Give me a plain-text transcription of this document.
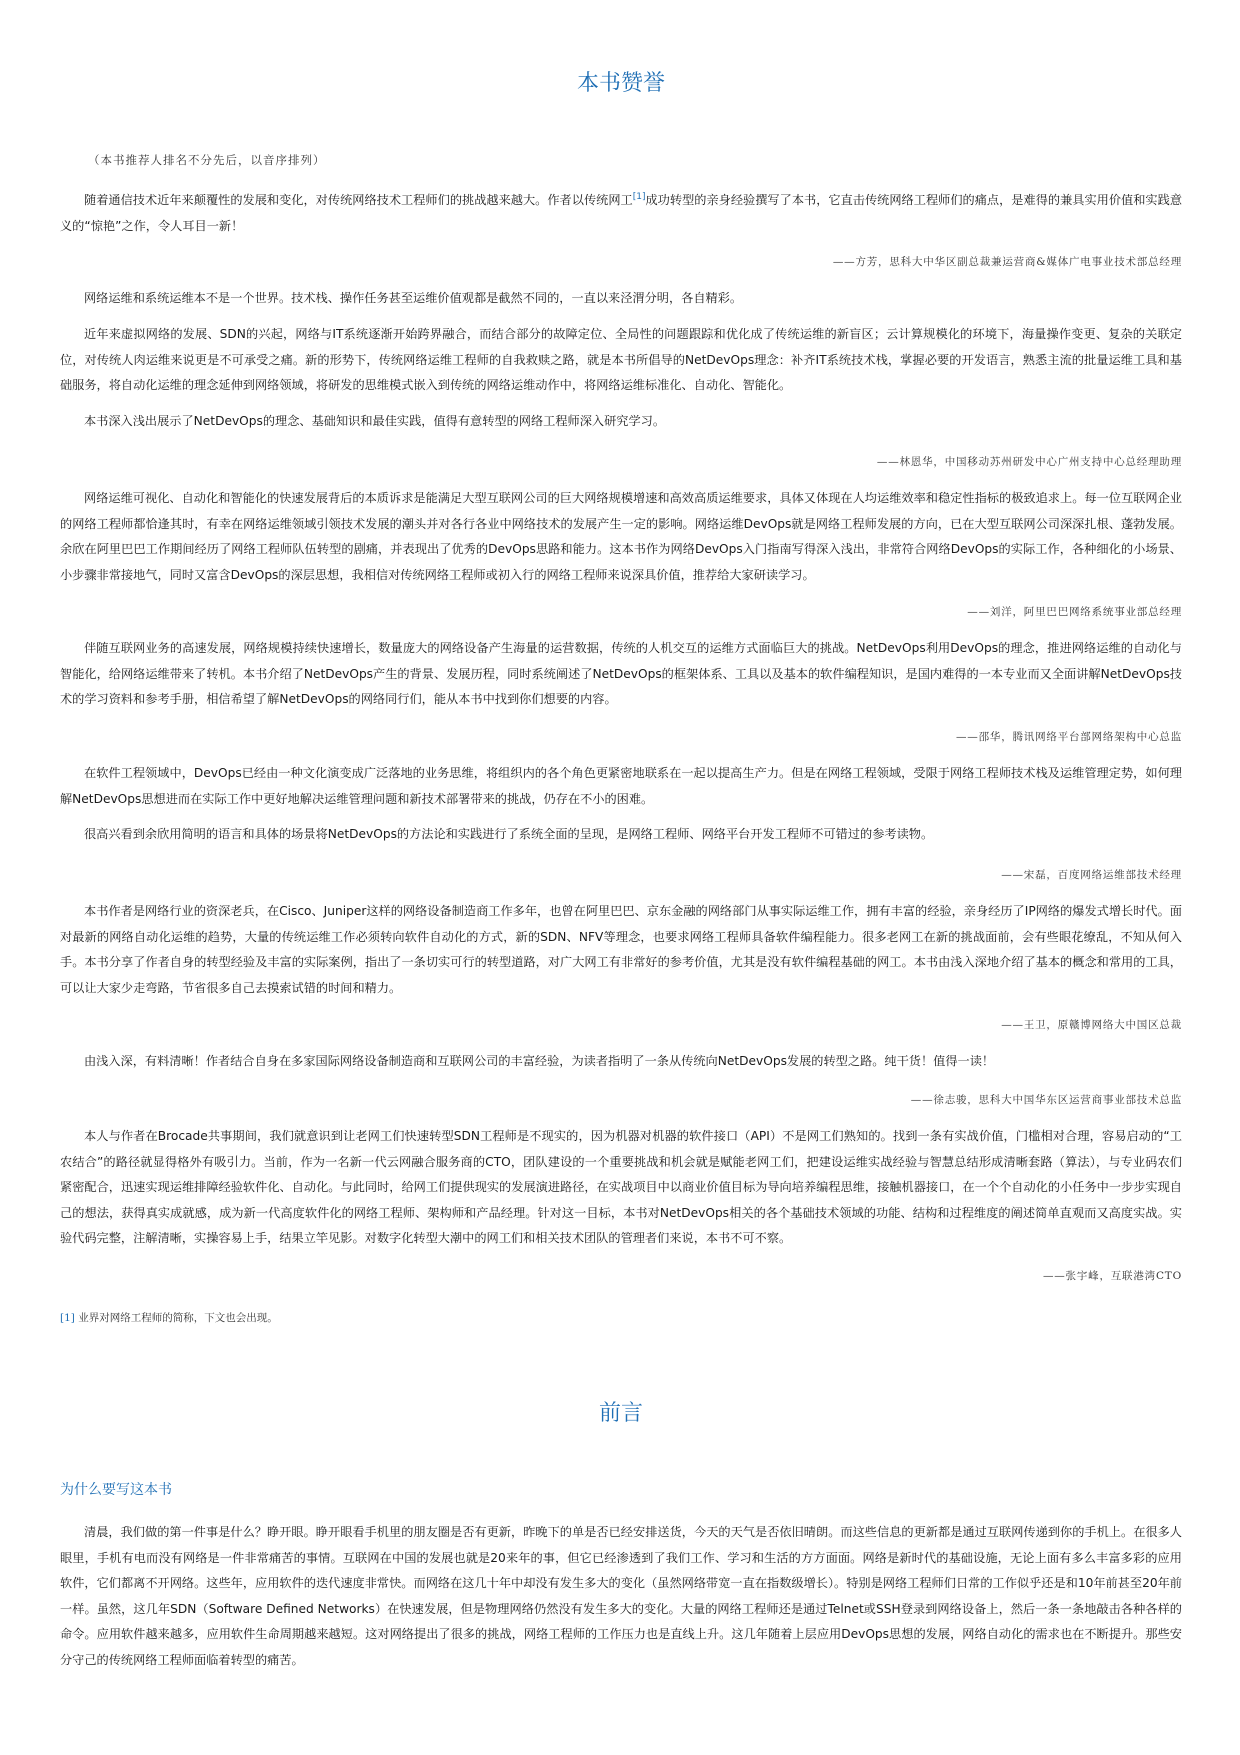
本书赞誉
（本书推荐人排名不分先后，以音序排列）

随着通信技术近年来颠覆性的发展和变化，对传统网络技术工程师们的挑战越来越大。作者以传统网工[1]成功转型的亲身经验撰写了本书，它直击传统网络工程师们的痛点，是难得的兼具实用价值和实践意义的“惊艳”之作，令人耳目一新！

——方芳，思科大中华区副总裁兼运营商&媒体广电事业技术部总经理

网络运维和系统运维本不是一个世界。技术栈、操作任务甚至运维价值观都是截然不同的，一直以来泾渭分明，各自精彩。

近年来虚拟网络的发展、SDN的兴起，网络与IT系统逐渐开始跨界融合，而结合部分的故障定位、全局性的问题跟踪和优化成了传统运维的新盲区；云计算规模化的环境下，海量操作变更、复杂的关联定位，对传统人肉运维来说更是不可承受之痛。新的形势下，传统网络运维工程师的自我救赎之路，就是本书所倡导的NetDevOps理念：补齐IT系统技术栈，掌握必要的开发语言，熟悉主流的批量运维工具和基础服务，将自动化运维的理念延伸到网络领域，将研发的思维模式嵌入到传统的网络运维动作中，将网络运维标准化、自动化、智能化。

本书深入浅出展示了NetDevOps的理念、基础知识和最佳实践，值得有意转型的网络工程师深入研究学习。

——林恩华，中国移动苏州研发中心广州支持中心总经理助理

网络运维可视化、自动化和智能化的快速发展背后的本质诉求是能满足大型互联网公司的巨大网络规模增速和高效高质运维要求，具体又体现在人均运维效率和稳定性指标的极致追求上。每一位互联网企业的网络工程师都恰逢其时，有幸在网络运维领域引领技术发展的潮头并对各行各业中网络技术的发展产生一定的影响。网络运维DevOps就是网络工程师发展的方向，已在大型互联网公司深深扎根、蓬勃发展。余欣在阿里巴巴工作期间经历了网络工程师队伍转型的剧痛，并表现出了优秀的DevOps思路和能力。这本书作为网络DevOps入门指南写得深入浅出，非常符合网络DevOps的实际工作，各种细化的小场景、小步骤非常接地气，同时又富含DevOps的深层思想，我相信对传统网络工程师或初入行的网络工程师来说深具价值，推荐给大家研读学习。

——刘洋，阿里巴巴网络系统事业部总经理

伴随互联网业务的高速发展，网络规模持续快速增长，数量庞大的网络设备产生海量的运营数据，传统的人机交互的运维方式面临巨大的挑战。NetDevOps利用DevOps的理念，推进网络运维的自动化与智能化，给网络运维带来了转机。本书介绍了NetDevOps产生的背景、发展历程，同时系统阐述了NetDevOps的框架体系、工具以及基本的软件编程知识，是国内难得的一本专业而又全面讲解NetDevOps技术的学习资料和参考手册，相信希望了解NetDevOps的网络同行们，能从本书中找到你们想要的内容。

——邵华，腾讯网络平台部网络架构中心总监

在软件工程领域中，DevOps已经由一种文化演变成广泛落地的业务思维，将组织内的各个角色更紧密地联系在一起以提高生产力。但是在网络工程领域，受限于网络工程师技术栈及运维管理定势，如何理解NetDevOps思想进而在实际工作中更好地解决运维管理问题和新技术部署带来的挑战，仍存在不小的困难。

很高兴看到余欣用简明的语言和具体的场景将NetDevOps的方法论和实践进行了系统全面的呈现，是网络工程师、网络平台开发工程师不可错过的参考读物。

——宋磊，百度网络运维部技术经理

本书作者是网络行业的资深老兵，在Cisco、Juniper这样的网络设备制造商工作多年，也曾在阿里巴巴、京东金融的网络部门从事实际运维工作，拥有丰富的经验，亲身经历了IP网络的爆发式增长时代。面对最新的网络自动化运维的趋势，大量的传统运维工作必须转向软件自动化的方式，新的SDN、NFV等理念，也要求网络工程师具备软件编程能力。很多老网工在新的挑战面前，会有些眼花缭乱，不知从何入手。本书分享了作者自身的转型经验及丰富的实际案例，指出了一条切实可行的转型道路，对广大网工有非常好的参考价值，尤其是没有软件编程基础的网工。本书由浅入深地介绍了基本的概念和常用的工具，可以让大家少走弯路，节省很多自己去摸索试错的时间和精力。

——王卫，原赣博网络大中国区总裁

由浅入深，有料清晰！作者结合自身在多家国际网络设备制造商和互联网公司的丰富经验，为读者指明了一条从传统向NetDevOps发展的转型之路。纯干货！值得一读！

——徐志骏，思科大中国华东区运营商事业部技术总监

本人与作者在Brocade共事期间，我们就意识到让老网工们快速转型SDN工程师是不现实的，因为机器对机器的软件接口（API）不是网工们熟知的。找到一条有实战价值，门槛相对合理，容易启动的“工农结合”的路径就显得格外有吸引力。当前，作为一名新一代云网融合服务商的CTO，团队建设的一个重要挑战和机会就是赋能老网工们，把建设运维实战经验与智慧总结形成清晰套路（算法），与专业码农们紧密配合，迅速实现运维排障经验软件化、自动化。与此同时，给网工们提供现实的发展演进路径，在实战项目中以商业价值目标为导向培养编程思维，接触机器接口，在一个个自动化的小任务中一步步实现自己的想法，获得真实成就感，成为新一代高度软件化的网络工程师、架构师和产品经理。针对这一目标，本书对NetDevOps相关的各个基础技术领域的功能、结构和过程维度的阐述简单直观而又高度实战。实验代码完整，注解清晰，实操容易上手，结果立竿见影。对数字化转型大潮中的网工们和相关技术团队的管理者们来说，本书不可不察。

——张宇峰，互联港湾CTO
[1] 业界对网络工程师的简称，下文也会出现。
前言
为什么要写这本书

清晨，我们做的第一件事是什么？睁开眼。睁开眼看手机里的朋友圈是否有更新，昨晚下的单是否已经安排送货，今天的天气是否依旧晴朗。而这些信息的更新都是通过互联网传递到你的手机上。在很多人眼里，手机有电而没有网络是一件非常痛苦的事情。互联网在中国的发展也就是20来年的事，但它已经渗透到了我们工作、学习和生活的方方面面。网络是新时代的基础设施，无论上面有多么丰富多彩的应用软件，它们都离不开网络。这些年，应用软件的迭代速度非常快。而网络在这几十年中却没有发生多大的变化（虽然网络带宽一直在指数级增长）。特别是网络工程师们日常的工作似乎还是和10年前甚至20年前一样。虽然，这几年SDN（Software Defined Networks）在快速发展，但是物理网络仍然没有发生多大的变化。大量的网络工程师还是通过Telnet或SSH登录到网络设备上，然后一条一条地敲击各种各样的命令。应用软件越来越多，应用软件生命周期越来越短。这对网络提出了很多的挑战，网络工程师的工作压力也是直线上升。这几年随着上层应用DevOps思想的发展，网络自动化的需求也在不断提升。那些安分守己的传统网络工程师面临着转型的痛苦。
